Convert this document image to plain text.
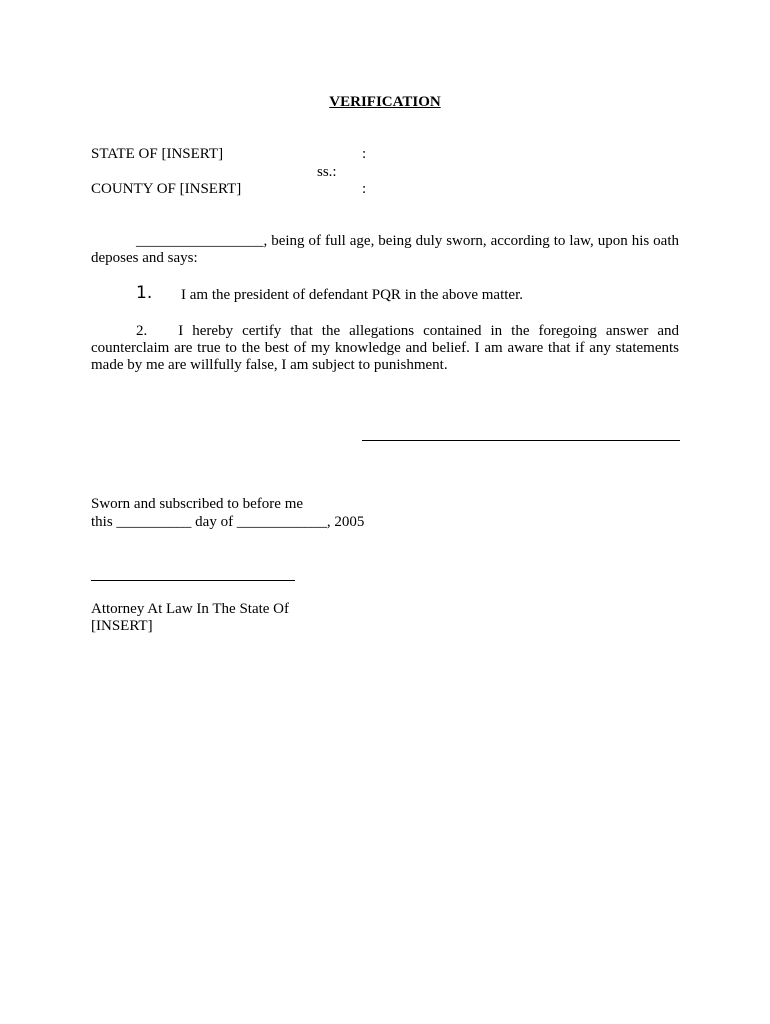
VERIFICATION
STATE OF [INSERT]	:
ss.:
COUNTY OF [INSERT]	:
_________________, being of full age, being duly sworn, according to law, upon his oath deposes and says:
1. I am the president of defendant PQR in the above matter.
2. I hereby certify that the allegations contained in the foregoing answer and counterclaim are true to the best of my knowledge and belief. I am aware that if any statements made by me are willfully false, I am subject to punishment.
Sworn and subscribed to before me
this __________ day of ____________, 2005
Attorney At Law In The State Of
[INSERT]
